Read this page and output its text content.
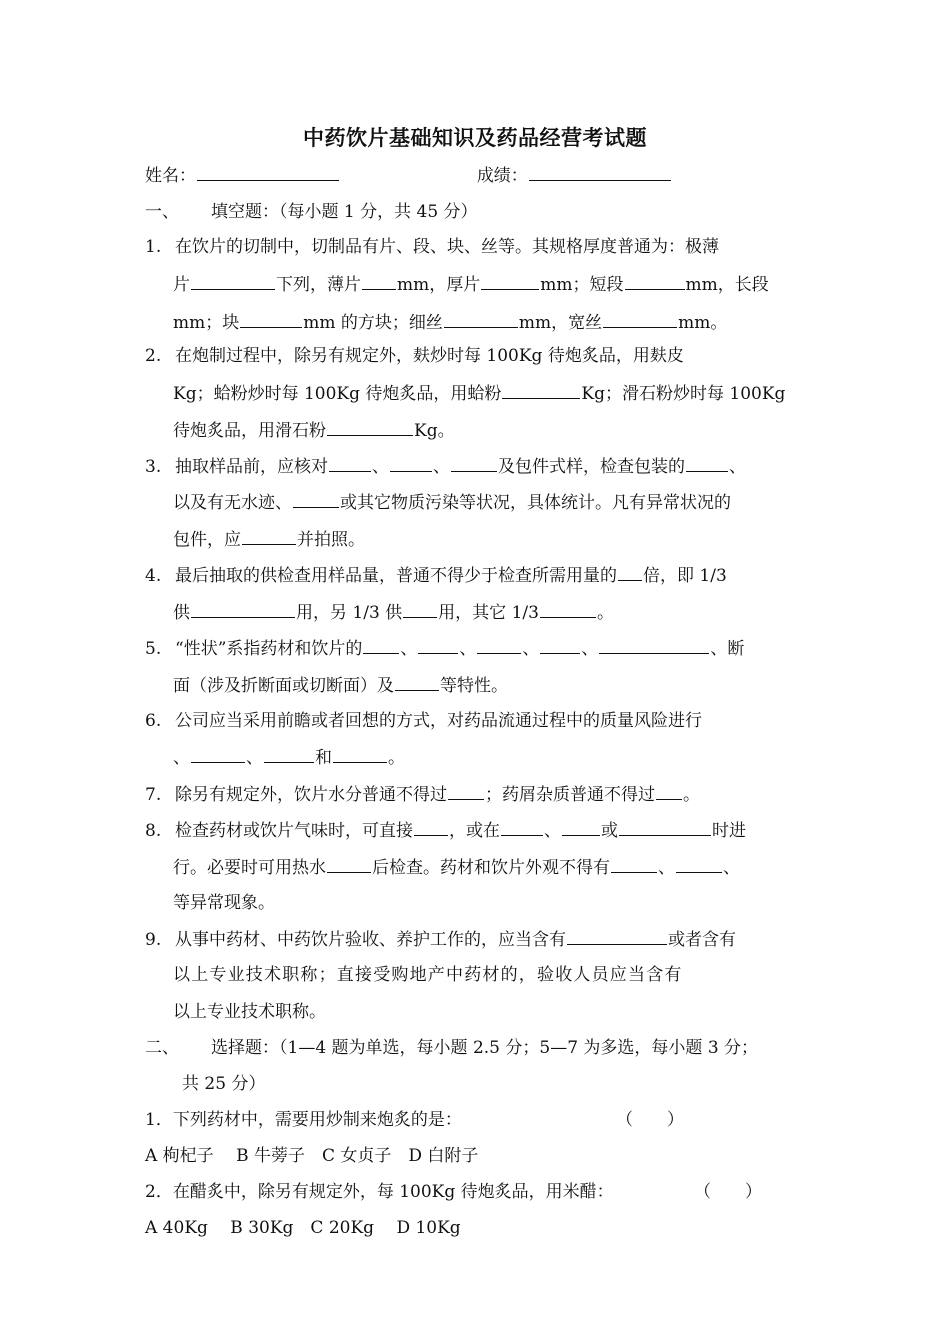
中药饮片基础知识及药品经营考试题
姓名：	成绩：
一、 填空题：（每小题 1 分，共 45 分）
1. 在饮片的切制中，切制品有片、段、块、丝等。其规格厚度普通为：极薄
片	下列，薄片 mm，厚片	mm；短段	mm，长段
mm；块	mm 的方块；细丝	mm，宽丝	mm。
2. 在炮制过程中，除另有规定外，麸炒时每 100Kg 待炮炙品，用麸皮
Kg；蛤粉炒时每 100Kg 待炮炙品，用蛤粉	Kg；滑石粉炒时每 100Kg
待炮炙品，用滑石粉	Kg。
3. 抽取样品前，应核对	、	、	及包件式样，检查包装的	、
以及有无水迹、	或其它物质污染等状况，具体统计。凡有异常状况的
包件，应	并拍照。
4. 最后抽取的供检查用样品量，普通不得少于检查所需用量的 倍，即 1/3
供	用，另 1/3 供 用，其它 1/3	。
5. “性状”系指药材和饮片的 、 、	、 、	、断
面（涉及折断面或切断面）及	等特性。
6. 公司应当采用前瞻或者回想的方式，对药品流通过程中的质量风险进行
、	、	和	。
7. 除另有规定外，饮片水分普通不得过 ；药屑杂质普通不得过 。
8. 检查药材或饮片气味时，可直接 ，或在	、 或	时进
行。必要时可用热水	后检查。药材和饮片外观不得有	、	、
等异常现象。
9. 从事中药材、中药饮片验收、养护工作的，应当含有	或者含有
以上专业技术职称；直接受购地产中药材的，验收人员应当含有
以上专业技术职称。
二、 选择题：（1—4 题为单选，每小题 2.5 分；5—7 为多选，每小题 3 分；
共 25 分）
1．下列药材中，需要用炒制来炮炙的是：	（　　）
A 枸杞子　 B 牛蒡子　C 女贞子　D 白附子
2．在醋炙中，除另有规定外，每 100Kg 待炮炙品，用米醋：	（　　）
A 40Kg　 B 30Kg　C 20Kg　 D 10Kg
